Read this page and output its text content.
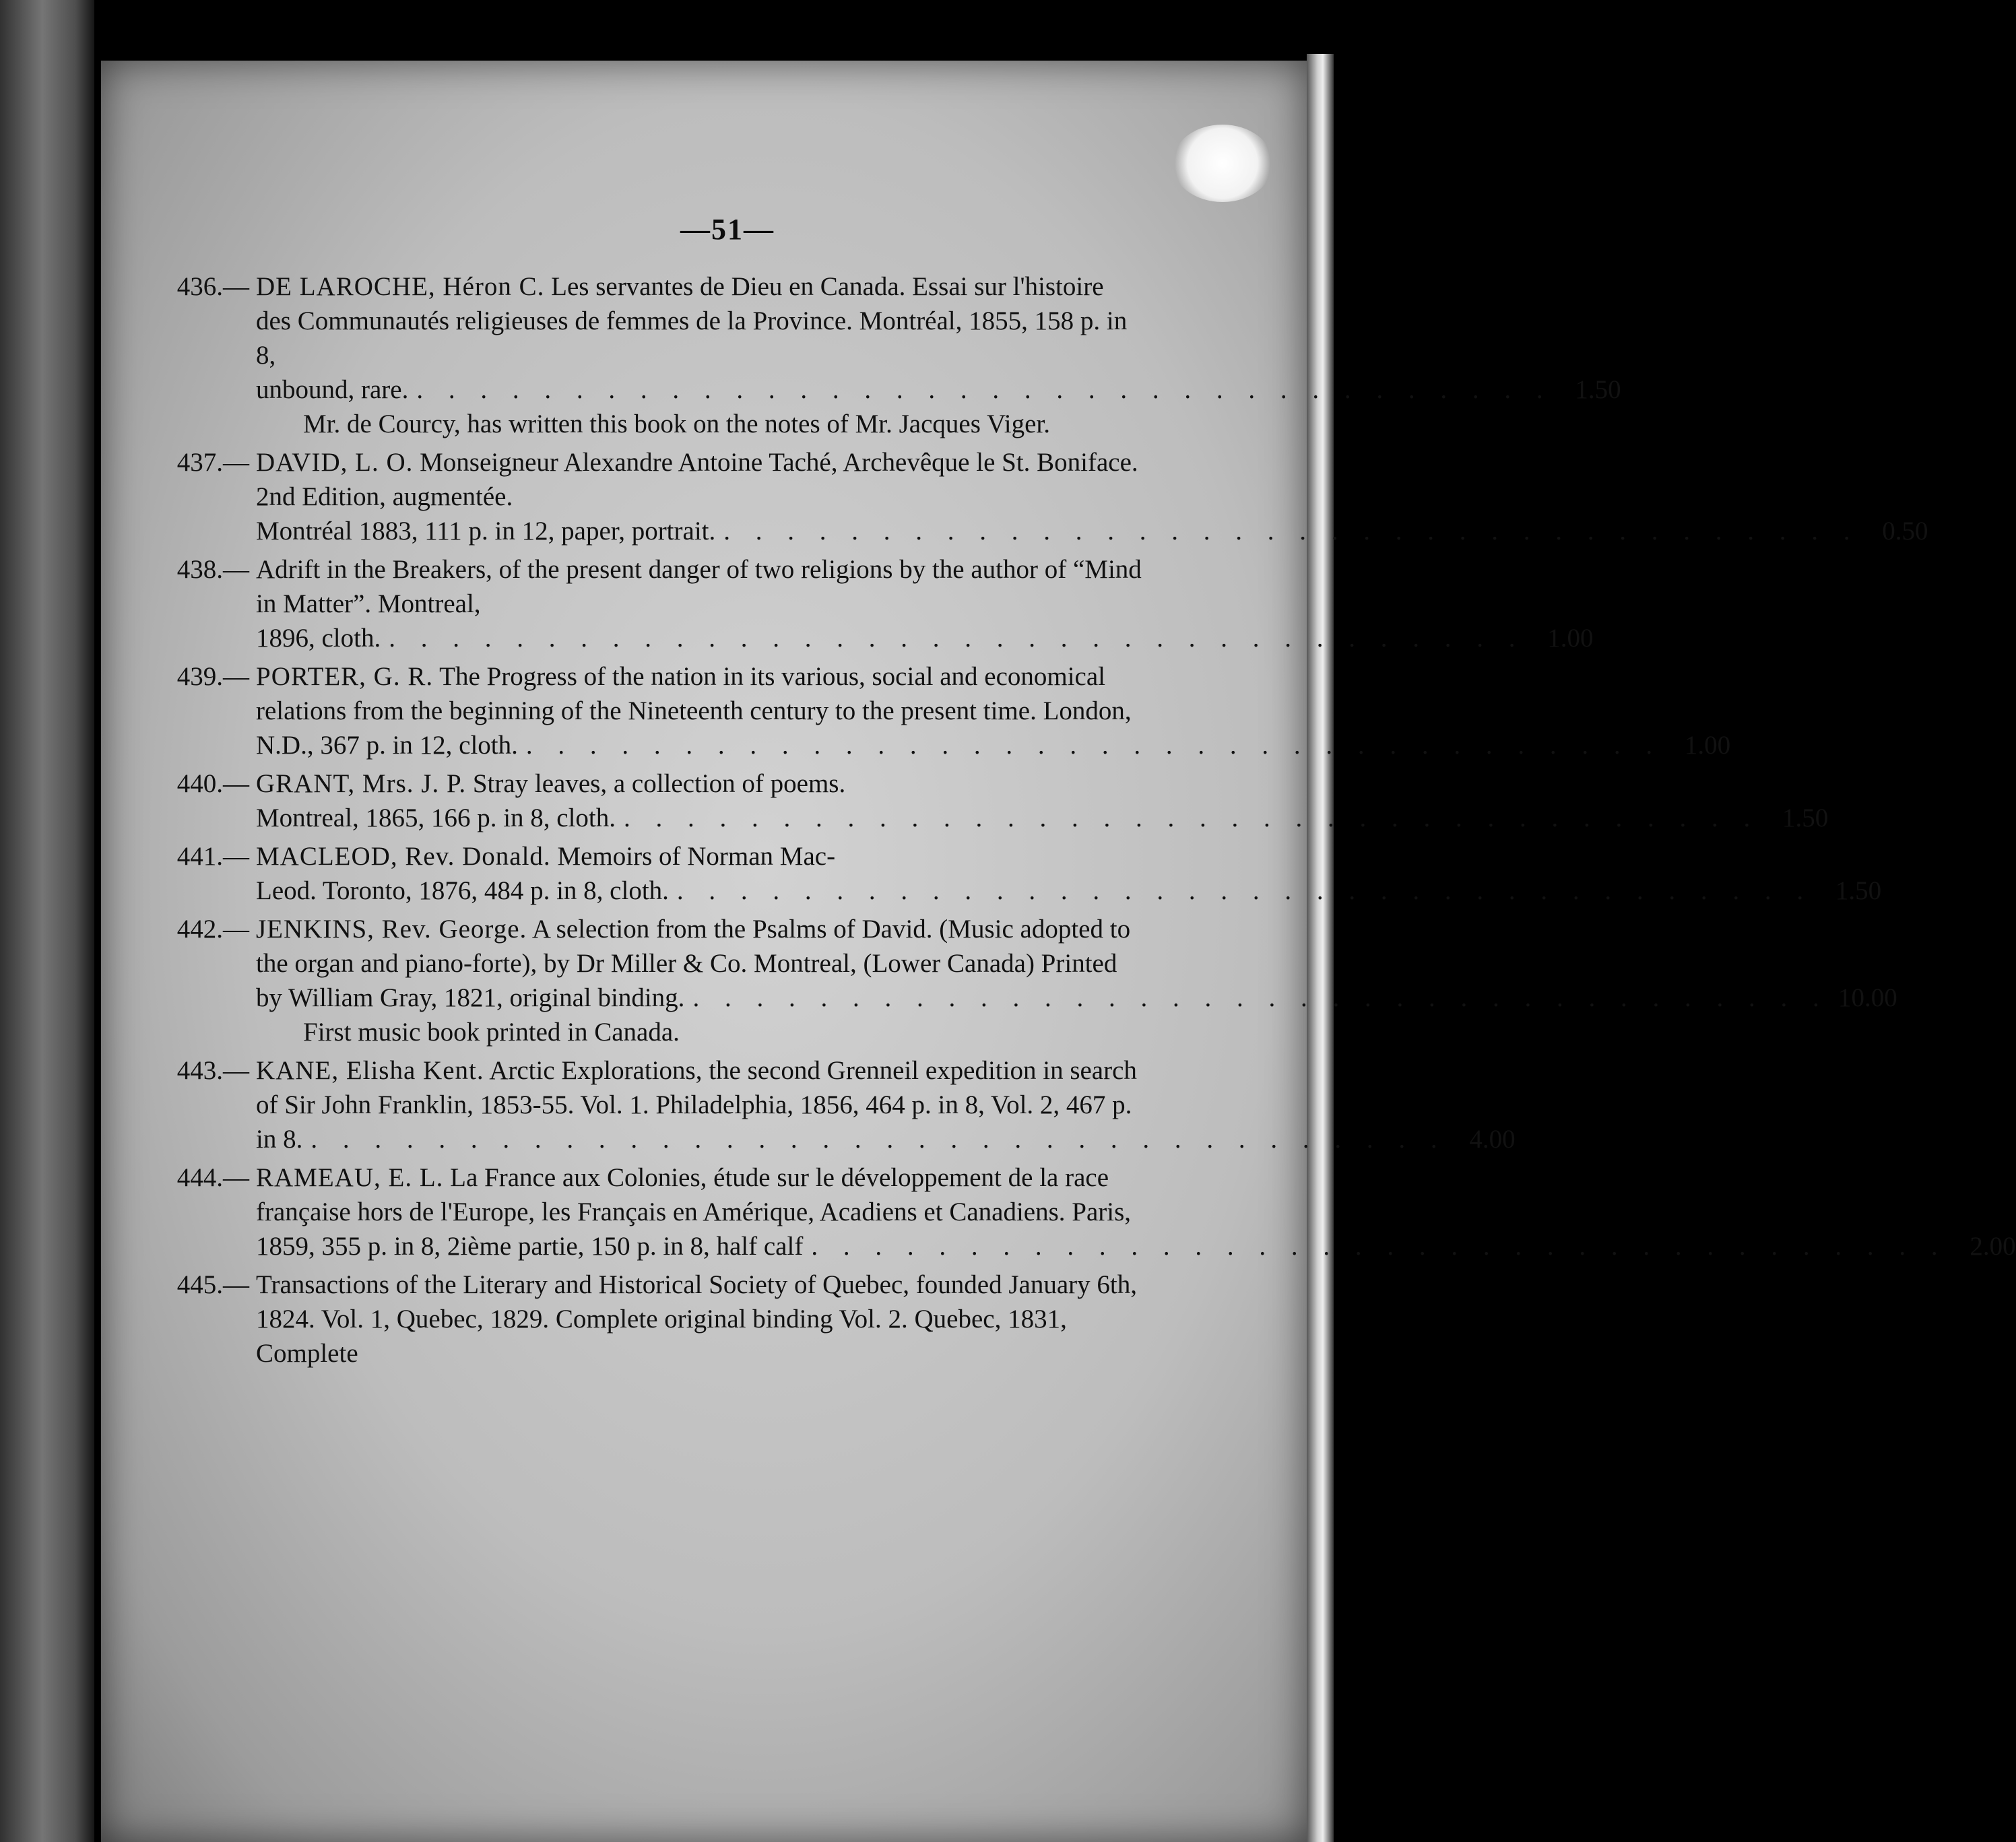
—51—
436.— DE LAROCHE, Héron C. Les servantes de Dieu en Canada. Essai sur l'histoire des Communautés religieuses de femmes de la Province. Montréal, 1855, 158 p. in 8,
unbound, rare. . . . . . . . . . . . . . . . . . . . . . . . . . . . . . . . . . . . . 1.50
Mr. de Courcy, has written this book on the notes of Mr. Jacques Viger.
437.— DAVID, L. O. Monseigneur Alexandre Antoine Taché, Archevêque le St. Boniface. 2nd Edition, augmentée.
Montréal 1883, 111 p. in 12, paper, portrait. . . . . . . . . . . . . . . . . . . . . . . . . . . . . . . . . . . . . 0.50
438.— Adrift in the Breakers, of the present danger of two religions by the author of “Mind in Matter”. Montreal,
1896, cloth. . . . . . . . . . . . . . . . . . . . . . . . . . . . . . . . . . . . . 1.00
439.— PORTER, G. R. The Progress of the nation in its various, social and economical relations from the beginning of the Nineteenth century to the present time. London,
N.D., 367 p. in 12, cloth. . . . . . . . . . . . . . . . . . . . . . . . . . . . . . . . . . . . . 1.00
440.— GRANT, Mrs. J. P. Stray leaves, a collection of poems.
Montreal, 1865, 166 p. in 8, cloth. . . . . . . . . . . . . . . . . . . . . . . . . . . . . . . . . . . . . 1.50
441.— MACLEOD, Rev. Donald. Memoirs of Norman Mac-
Leod. Toronto, 1876, 484 p. in 8, cloth. . . . . . . . . . . . . . . . . . . . . . . . . . . . . . . . . . . . . 1.50
442.— JENKINS, Rev. George. A selection from the Psalms of David. (Music adopted to the organ and piano-forte), by Dr Miller & Co. Montreal, (Lower Canada) Printed
by William Gray, 1821, original binding. . . . . . . . . . . . . . . . . . . . . . . . . . . . . . . . . . . . . 10.00
First music book printed in Canada.
443.— KANE, Elisha Kent. Arctic Explorations, the second Grenneil expedition in search of Sir John Franklin, 1853-55. Vol. 1. Philadelphia, 1856, 464 p. in 8, Vol. 2, 467 p.
in 8. . . . . . . . . . . . . . . . . . . . . . . . . . . . . . . . . . . . . 4.00
444.— RAMEAU, E. L. La France aux Colonies, étude sur le développement de la race française hors de l'Europe, les Français en Amérique, Acadiens et Canadiens. Paris,
1859, 355 p. in 8, 2ième partie, 150 p. in 8, half calf . . . . . . . . . . . . . . . . . . . . . . . . . . . . . . . . . . . . 2.00
445.— Transactions of the Literary and Historical Society of Quebec, founded January 6th, 1824. Vol. 1, Quebec, 1829. Complete original binding Vol. 2. Quebec, 1831, Complete
